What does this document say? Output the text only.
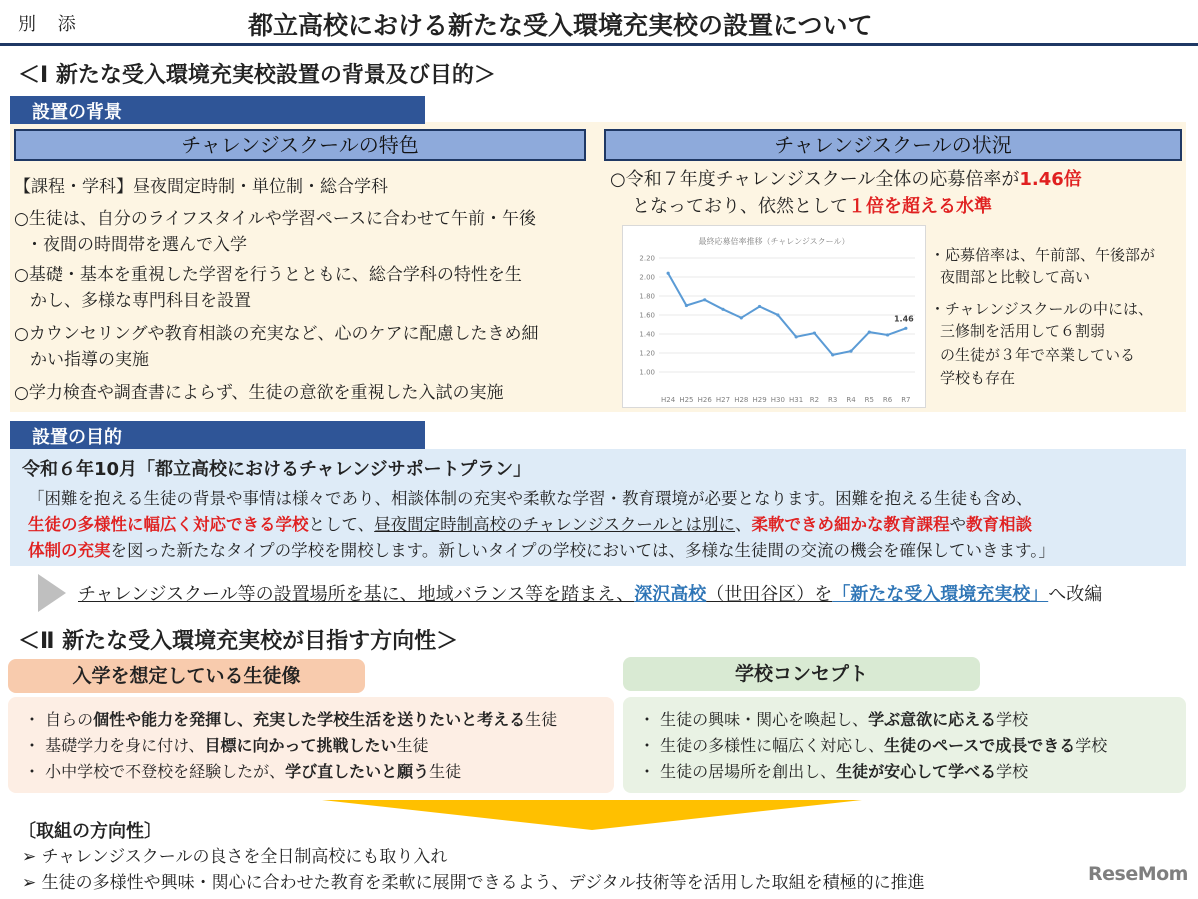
別 添	都立高校における新たな受入環境充実校の設置について
＜Ⅰ 新たな受入環境充実校設置の背景及び目的＞
設置の背景
チャレンジスクールの特色	チャレンジスクールの状況
【課程・学科】昼夜間定時制・単位制・総合学科
○生徒は、自分のライフスタイルや学習ペースに合わせて午前・午後
・夜間の時間帯を選んで入学
○基礎・基本を重視した学習を行うとともに、総合学科の特性を生
かし、多様な専門科目を設置
○カウンセリングや教育相談の充実など、心のケアに配慮したきめ細
かい指導の実施
○学力検査や調査書によらず、生徒の意欲を重視した入試の実施
○令和７年度チャレンジスクール全体の応募倍率が1.46倍
となっており、依然として１倍を超える水準
最終応募倍率推移（チャレンジスクール）
2.20
2.00
1.80
1.60
1.40
1.20
1.00
H24 H25 H26 H27 H28 H29 H30 H31 R2 R3 R4 R5 R6 R7
1.46
・応募倍率は、午前部、午後部が
夜間部と比較して高い
・チャレンジスクールの中には、
三修制を活用して６割弱
の生徒が３年で卒業している
学校も存在
設置の目的
令和６年10月「都立高校におけるチャレンジサポートプラン」
「困難を抱える生徒の背景や事情は様々であり、相談体制の充実や柔軟な学習・教育環境が必要となります。困難を抱える生徒も含め、
生徒の多様性に幅広く対応できる学校として、昼夜間定時制高校のチャレンジスクールとは別に、柔軟できめ細かな教育課程や教育相談
体制の充実を図った新たなタイプの学校を開校します。新しいタイプの学校においては、多様な生徒間の交流の機会を確保していきます。」
チャレンジスクール等の設置場所を基に、地域バランス等を踏まえ、深沢高校（世田谷区）を「新たな受入環境充実校」へ改編
＜Ⅱ 新たな受入環境充実校が目指す方向性＞
入学を想定している生徒像	学校コンセプト
・ 自らの個性や能力を発揮し、充実した学校生活を送りたいと考える生徒
・ 基礎学力を身に付け、目標に向かって挑戦したい生徒
・ 小中学校で不登校を経験したが、学び直したいと願う生徒
・ 生徒の興味・関心を喚起し、学ぶ意欲に応える学校
・ 生徒の多様性に幅広く対応し、生徒のペースで成長できる学校
・ 生徒の居場所を創出し、生徒が安心して学べる学校
〔取組の方向性〕
➢ チャレンジスクールの良さを全日制高校にも取り入れ
➢ 生徒の多様性や興味・関心に合わせた教育を柔軟に展開できるよう、デジタル技術等を活用した取組を積極的に推進	ReseMom
